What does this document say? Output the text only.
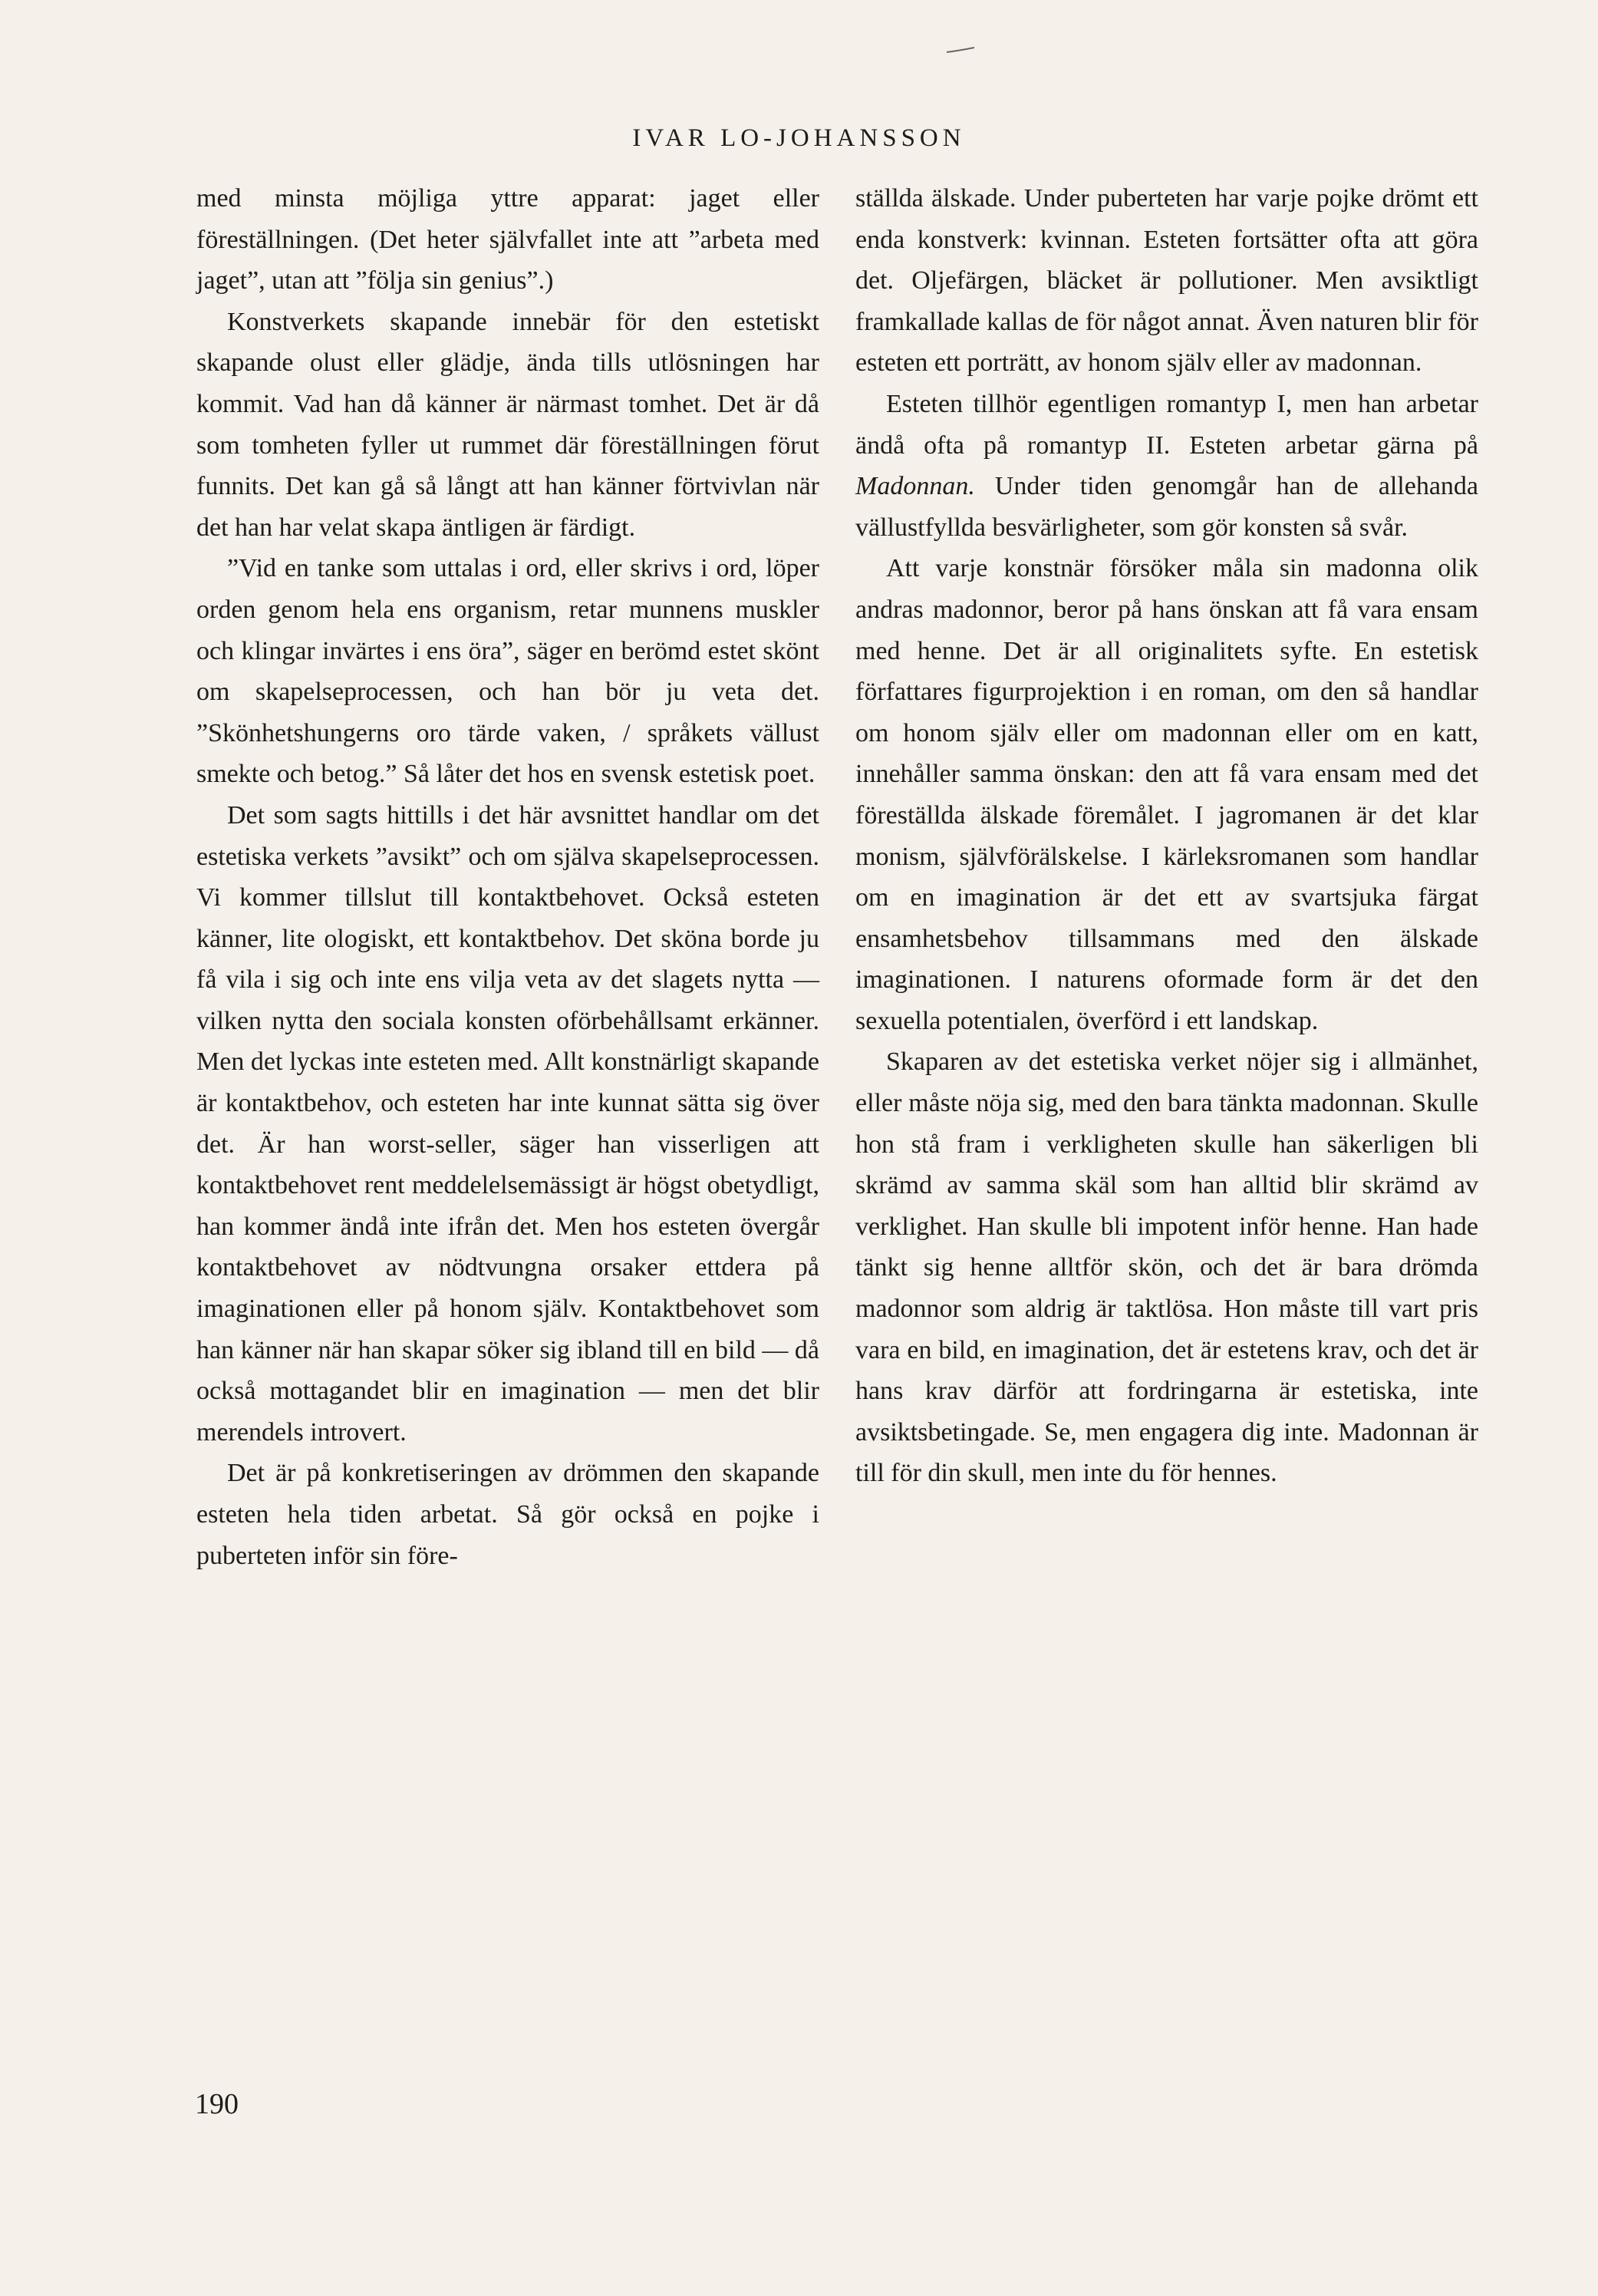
IVAR LO-JOHANSSON

med minsta möjliga yttre apparat: jaget eller föreställningen. (Det heter självfallet inte att ”arbeta med jaget”, utan att ”följa sin genius”.)

Konstverkets skapande innebär för den estetiskt skapande olust eller glädje, ända tills utlösningen har kommit. Vad han då känner är närmast tomhet. Det är då som tomheten fyller ut rummet där föreställningen förut funnits. Det kan gå så långt att han känner förtvivlan när det han har velat skapa äntligen är färdigt.

”Vid en tanke som uttalas i ord, eller skrivs i ord, löper orden genom hela ens organism, retar munnens muskler och klingar invärtes i ens öra”, säger en berömd estet skönt om skapelseprocessen, och han bör ju veta det. ”Skönhetshungerns oro tärde vaken, / språkets vällust smekte och betog.” Så låter det hos en svensk estetisk poet.

Det som sagts hittills i det här avsnittet handlar om det estetiska verkets ”avsikt” och om själva skapelseprocessen. Vi kommer tillslut till kontaktbehovet. Också esteten känner, lite ologiskt, ett kontaktbehov. Det sköna borde ju få vila i sig och inte ens vilja veta av det slagets nytta — vilken nytta den sociala konsten oförbehållsamt erkänner. Men det lyckas inte esteten med. Allt konstnärligt skapande är kontaktbehov, och esteten har inte kunnat sätta sig över det. Är han worst-seller, säger han visserligen att kontaktbehovet rent meddelelsemässigt är högst obetydligt, han kommer ändå inte ifrån det. Men hos esteten övergår kontaktbehovet av nödtvungna orsaker ettdera på imaginationen eller på honom själv. Kontaktbehovet som han känner när han skapar söker sig ibland till en bild — då också mottagandet blir en imagination — men det blir merendels introvert.

Det är på konkretiseringen av drömmen den skapande esteten hela tiden arbetat. Så gör också en pojke i puberteten inför sin före-

ställda älskade. Under puberteten har varje pojke drömt ett enda konstverk: kvinnan. Esteten fortsätter ofta att göra det. Oljefärgen, bläcket är pollutioner. Men avsiktligt framkallade kallas de för något annat. Även naturen blir för esteten ett porträtt, av honom själv eller av madonnan.

Esteten tillhör egentligen romantyp I, men han arbetar ändå ofta på romantyp II. Esteten arbetar gärna på Madonnan. Under tiden genomgår han de allehanda vällustfyllda besvärligheter, som gör konsten så svår.

Att varje konstnär försöker måla sin madonna olik andras madonnor, beror på hans önskan att få vara ensam med henne. Det är all originalitets syfte. En estetisk författares figurprojektion i en roman, om den så handlar om honom själv eller om madonnan eller om en katt, innehåller samma önskan: den att få vara ensam med det föreställda älskade föremålet. I jagromanen är det klar monism, självförälskelse. I kärleksromanen som handlar om en imagination är det ett av svartsjuka färgat ensamhetsbehov tillsammans med den älskade imaginationen. I naturens oformade form är det den sexuella potentialen, överförd i ett landskap.

Skaparen av det estetiska verket nöjer sig i allmänhet, eller måste nöja sig, med den bara tänkta madonnan. Skulle hon stå fram i verkligheten skulle han säkerligen bli skrämd av samma skäl som han alltid blir skrämd av verklighet. Han skulle bli impotent inför henne. Han hade tänkt sig henne alltför skön, och det är bara drömda madonnor som aldrig är taktlösa. Hon måste till vart pris vara en bild, en imagination, det är estetens krav, och det är hans krav därför att fordringarna är estetiska, inte avsiktsbetingade. Se, men engagera dig inte. Madonnan är till för din skull, men inte du för hennes.

190
